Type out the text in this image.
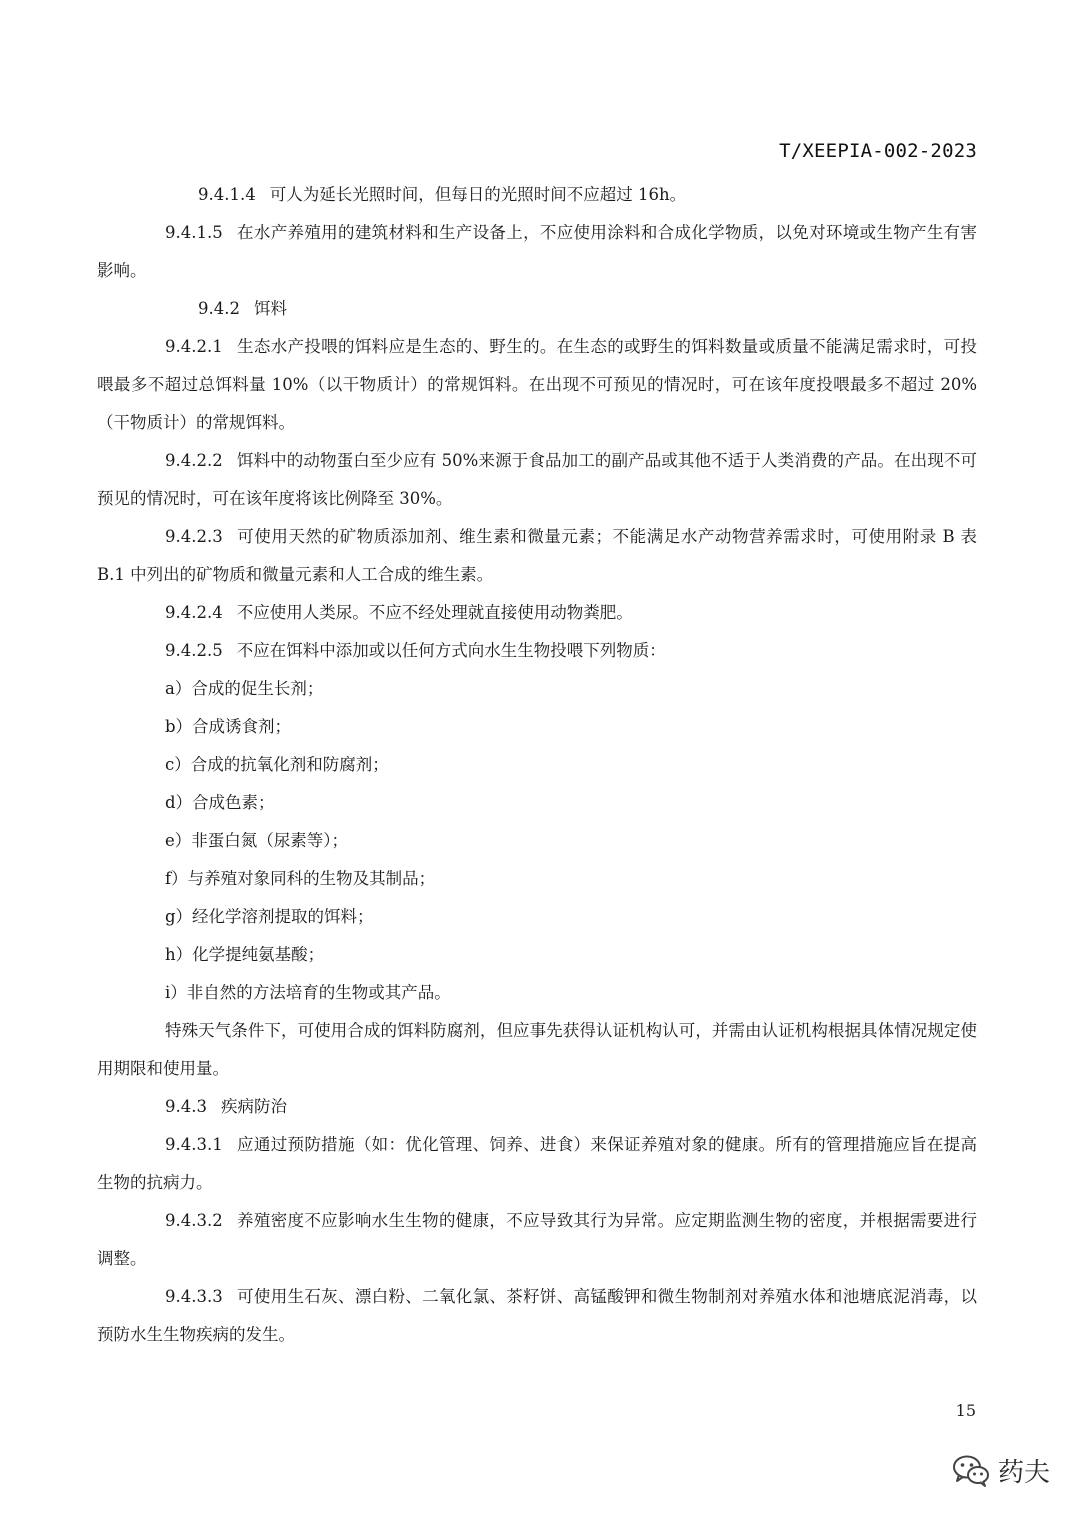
T/XEEPIA-002-2023

9.4.1.4 可人为延长光照时间，但每日的光照时间不应超过 16h。

9.4.1.5 在水产养殖用的建筑材料和生产设备上，不应使用涂料和合成化学物质，以免对环境或生物产生有害影响。

9.4.2 饵料

9.4.2.1 生态水产投喂的饵料应是生态的、野生的。在生态的或野生的饵料数量或质量不能满足需求时，可投喂最多不超过总饵料量 10%（以干物质计）的常规饵料。在出现不可预见的情况时，可在该年度投喂最多不超过 20%（干物质计）的常规饵料。

9.4.2.2 饵料中的动物蛋白至少应有 50%来源于食品加工的副产品或其他不适于人类消费的产品。在出现不可预见的情况时，可在该年度将该比例降至 30%。

9.4.2.3 可使用天然的矿物质添加剂、维生素和微量元素；不能满足水产动物营养需求时，可使用附录 B 表 B.1 中列出的矿物质和微量元素和人工合成的维生素。

9.4.2.4 不应使用人类尿。不应不经处理就直接使用动物粪肥。

9.4.2.5 不应在饵料中添加或以任何方式向水生生物投喂下列物质：

a）合成的促生长剂；

b）合成诱食剂；

c）合成的抗氧化剂和防腐剂；

d）合成色素；

e）非蛋白氮（尿素等）；

f）与养殖对象同科的生物及其制品；

g）经化学溶剂提取的饵料；

h）化学提纯氨基酸；

i）非自然的方法培育的生物或其产品。

特殊天气条件下，可使用合成的饵料防腐剂，但应事先获得认证机构认可，并需由认证机构根据具体情况规定使用期限和使用量。

9.4.3 疾病防治

9.4.3.1 应通过预防措施（如：优化管理、饲养、进食）来保证养殖对象的健康。所有的管理措施应旨在提高生物的抗病力。

9.4.3.2 养殖密度不应影响水生生物的健康，不应导致其行为异常。应定期监测生物的密度，并根据需要进行调整。

9.4.3.3 可使用生石灰、漂白粉、二氧化氯、茶籽饼、高锰酸钾和微生物制剂对养殖水体和池塘底泥消毒，以预防水生生物疾病的发生。

15
药夫
